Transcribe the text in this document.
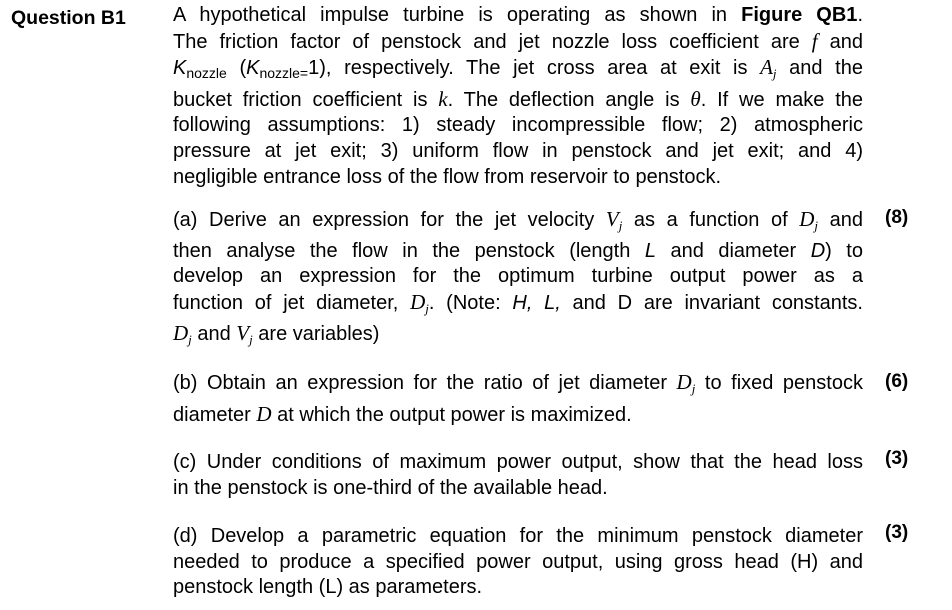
Question B1 A hypothetical impulse turbine is operating as shown in Figure QB1.
The friction factor of penstock and jet nozzle loss coefficient are f and
$K_{nozzle}$ $(K_{nozzle=}1)$, respectively. The jet cross area at exit is $A_j$ and the
bucket friction coefficient is k. The deflection angle is θ. If we make the
following assumptions: 1) steady incompressible flow; 2) atmospheric
pressure at jet exit; 3) uniform flow in penstock and jet exit; and 4)
negligible entrance loss of the flow from reservoir to penstock.
(a) Derive an expression for the jet velocity $V_j$ as a function of $D_j$ and
then analyse the flow in the penstock (length L and diameter D) to
develop an expression for the optimum turbine output power as a
function of jet diameter, $D_j$. (Note: H, L, and D are invariant constants.
$D_j$ and $V_j$ are variables)
(8)
(b) Obtain an expression for the ratio of jet diameter $D_j$ to fixed penstock
diameter D at which the output power is maximized.
(6)
(c) Under conditions of maximum power output, show that the head loss
in the penstock is one-third of the available head.
(3)
(d) Develop a parametric equation for the minimum penstock diameter
needed to produce a specified power output, using gross head (H) and
penstock length (L) as parameters.
(3)
